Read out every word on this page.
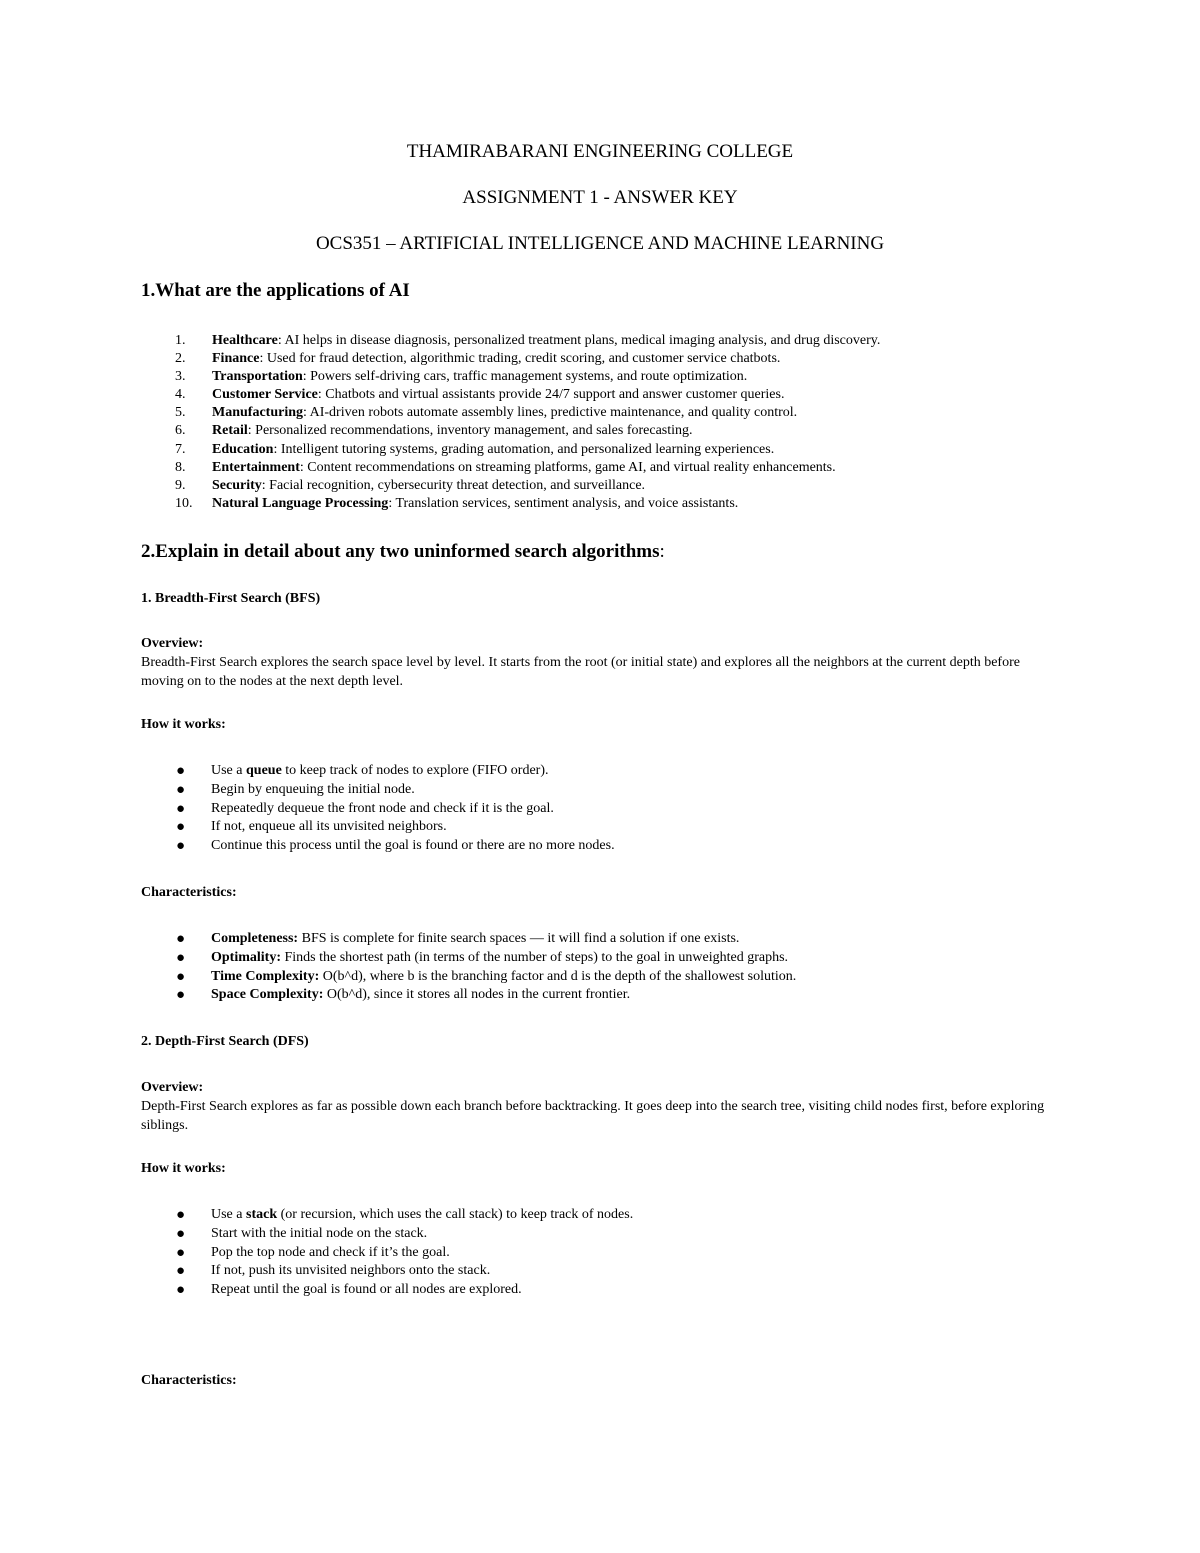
THAMIRABARANI ENGINEERING COLLEGE
ASSIGNMENT 1 - ANSWER KEY
OCS351 – ARTIFICIAL INTELLIGENCE AND MACHINE LEARNING
1.What are the applications of AI
1.	Healthcare: AI helps in disease diagnosis, personalized treatment plans, medical imaging analysis, and drug discovery.
2.	Finance: Used for fraud detection, algorithmic trading, credit scoring, and customer service chatbots.
3.	Transportation: Powers self-driving cars, traffic management systems, and route optimization.
4.	Customer Service: Chatbots and virtual assistants provide 24/7 support and answer customer queries.
5.	Manufacturing: AI-driven robots automate assembly lines, predictive maintenance, and quality control.
6.	Retail: Personalized recommendations, inventory management, and sales forecasting.
7.	Education: Intelligent tutoring systems, grading automation, and personalized learning experiences.
8.	Entertainment: Content recommendations on streaming platforms, game AI, and virtual reality enhancements.
9.	Security: Facial recognition, cybersecurity threat detection, and surveillance.
10.	Natural Language Processing: Translation services, sentiment analysis, and voice assistants.
2.Explain in detail about any two uninformed search algorithms:
1. Breadth-First Search (BFS)
Overview:
Breadth-First Search explores the search space level by level. It starts from the root (or initial state) and explores all the neighbors at the current depth before moving on to the nodes at the next depth level.
How it works:
● Use a queue to keep track of nodes to explore (FIFO order).
● Begin by enqueuing the initial node.
● Repeatedly dequeue the front node and check if it is the goal.
● If not, enqueue all its unvisited neighbors.
● Continue this process until the goal is found or there are no more nodes.
Characteristics:
● Completeness: BFS is complete for finite search spaces — it will find a solution if one exists.
● Optimality: Finds the shortest path (in terms of the number of steps) to the goal in unweighted graphs.
● Time Complexity: O(b^d), where b is the branching factor and d is the depth of the shallowest solution.
● Space Complexity: O(b^d), since it stores all nodes in the current frontier.
2. Depth-First Search (DFS)
Overview:
Depth-First Search explores as far as possible down each branch before backtracking. It goes deep into the search tree, visiting child nodes first, before exploring siblings.
How it works:
● Use a stack (or recursion, which uses the call stack) to keep track of nodes.
● Start with the initial node on the stack.
● Pop the top node and check if it’s the goal.
● If not, push its unvisited neighbors onto the stack.
● Repeat until the goal is found or all nodes are explored.
Characteristics:
